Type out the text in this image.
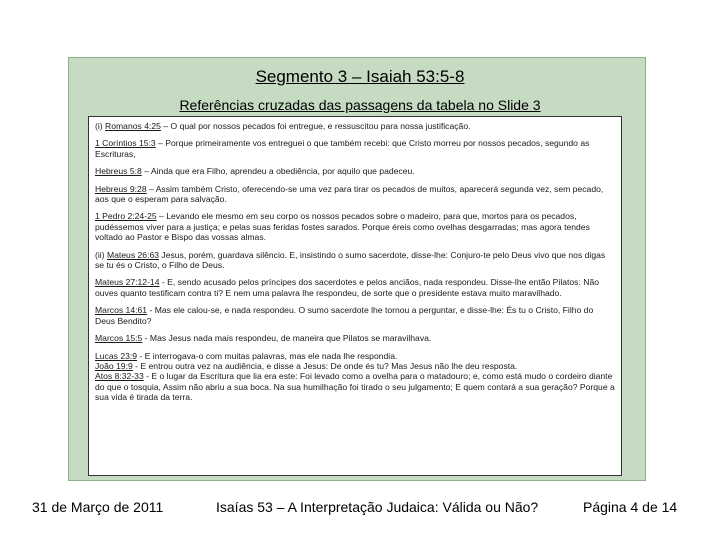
Segmento 3 – Isaiah 53:5-8
Referências cruzadas das passagens da tabela no Slide 3

(i) Romanos 4:25 – O qual por nossos pecados foi entregue, e ressuscitou para nossa justificação.

1 Coríntios 15:3 – Porque primeiramente vos entreguei o que também recebi: que Cristo morreu por nossos pecados, segundo as Escrituras,

Hebreus 5:8 – Ainda que era Filho, aprendeu a obediência, por aquilo que padeceu.

Hebreus 9:28 – Assim também Cristo, oferecendo-se uma vez para tirar os pecados de muitos, aparecerá segunda vez, sem pecado, aos que o esperam para salvação.

1 Pedro 2:24-25 – Levando ele mesmo em seu corpo os nossos pecados sobre o madeiro, para que, mortos para os pecados, pudéssemos viver para a justiça; e pelas suas feridas fostes sarados. Porque éreis como ovelhas desgarradas; mas agora tendes voltado ao Pastor e Bispo das vossas almas.

(ii) Mateus 26:63 Jesus, porém, guardava silêncio. E, insistindo o sumo sacerdote, disse-lhe: Conjuro-te pelo Deus vivo que nos digas se tu és o Cristo, o Filho de Deus.

Mateus 27:12-14 - E, sendo acusado pelos príncipes dos sacerdotes e pelos anciãos, nada respondeu. Disse-lhe então Pilatos: Não ouves quanto testificam contra ti? E nem uma palavra lhe respondeu, de sorte que o presidente estava muito maravilhado.

Marcos 14:61 - Mas ele calou-se, e nada respondeu. O sumo sacerdote lhe tornou a perguntar, e disse-lhe: És tu o Cristo, Filho do Deus Bendito?

Marcos 15:5 - Mas Jesus nada mais respondeu, de maneira que Pilatos se maravilhava.

Lucas 23:9 - E interrogava-o com muitas palavras, mas ele nada lhe respondia.

João 19:9 - E entrou outra vez na audiência, e disse a Jesus: De onde és tu? Mas Jesus não lhe deu resposta.

Atos 8:32-33 - E o lugar da Escritura que lia era este: Foi levado como a ovelha para o matadouro; e, como está mudo o cordeiro diante do que o tosquia, Assim não abriu a sua boca. Na sua humilhação foi tirado o seu julgamento; E quem contará a sua geração? Porque a sua vida é tirada da terra.

31 de Março de 2011	Isaías 53 – A Interpretação Judaica: Válida ou Não?	Página 4 de 14
